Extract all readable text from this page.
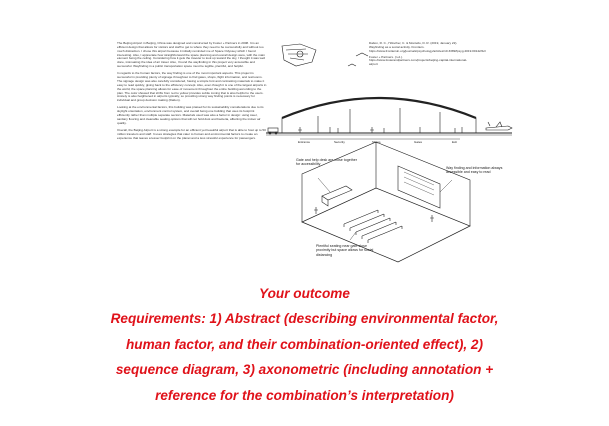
The Beijing Airport in Beijing, China was designed and constructed by Foster + Partners in 2008. It is an efficient design that allows for visitors and staff to get to where they need to be successfully and without too much distraction. I chose this airport because it initially reminded me of Space Odyssey which I found interesting. Also, I appreciate how straightforward the space planning and overall design were, with the main element being the ceiling. Considering how it gets the traveler to look up toward the sky, I thought it was well done, insinuating the idea of air travel. Also, I found the wayfinding in this project very accessible and successful. Wayfinding in a public transportation space must be legible, plentiful, and helpful.

In regards to the human factors, the way finding is one of the most important aspects. This project is successful in providing plenty of signage throughout to find gates, shops, flight information, and restrooms. The signage design was also carefully considered, having a simple font and contrasting materials to make it easy to read quickly, giving back to the efficiency concept. Also, even though it is one of the largest airports in the world, the space planning allows for ease of movement throughout the entire building according to the plan. The color showed that shifts from red to yellow provides subtle zoning that is also helpful to the users. Anxiety is also heightened in airports typically, so providing strong way finding points is necessary for individual and group decision making (Dalton).

Looking at the environmental factors, this building was praised for its sustainability considerations due to its skylight orientation, environment control system, and overall being one building that uses its footprint efficiently rather than multiple separate sectors. Materials used was also a factor in design: using steel, sanitary flooring and cleanable seating options that will not hold dust and bacteria, affecting the indoor air quality.

Overall, the Beijing Airport is a strong example for an efficient yet beautiful airport that is able to host up to 50 million travelers and staff. It uses strategies that cater to human and environmental factors to create an experience that leaves a lesser footprint on the planet and a less stressful experience for passengers.

Dalton, R. C., Hölscher, C. & Montello, D. R. (2019, January 22). Wayfinding as a social activity. Frontiers. https://www.frontiersin.org/journals/psychology/articles/10.3389/fpsyg.2019.00142/full

Foster + Partners. (n.d.). https://www.fosterandpartners.com/projects/beijing-capital-international-airport

Entrance	Security	Shops	Gates	Exit
Gate and help desk are close together for accessibility
Way finding and information always accessible and easy to read
Plentiful seating near gate close proximity but space allows for social distancing
Your outcome
Requirements: 1) Abstract (describing environmental factor,
human factor, and their combination-oriented effect), 2)
sequence diagram, 3) axonometric (including annotation +
reference for the combination’s interpretation)
